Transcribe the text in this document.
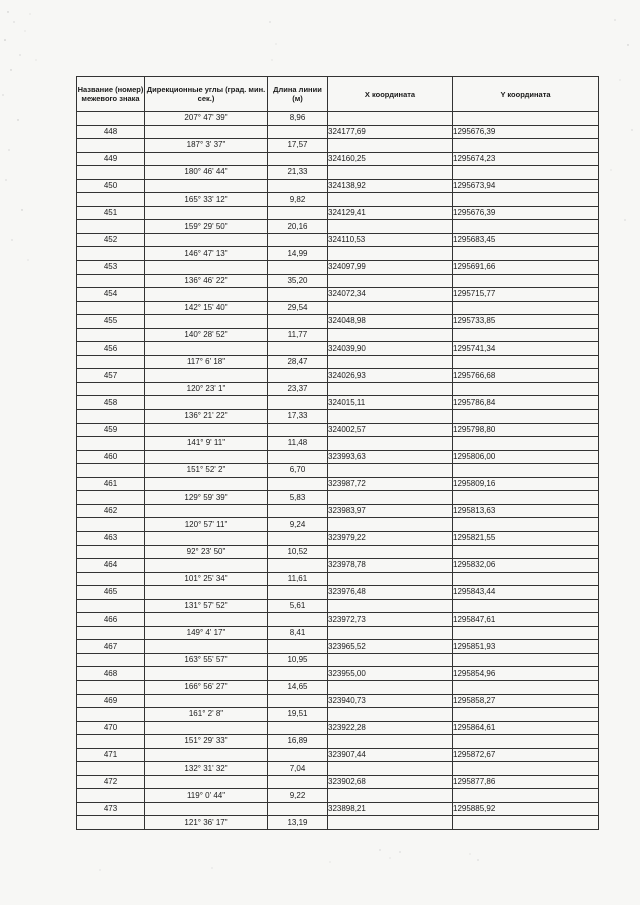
Название (номер) межевого знака	Дирекционные углы (град. мин. сек.)	Длина линии (м)	X координата	Y координата
	207° 47' 39"	8,96		
448			324177,69	1295676,39
	187° 3' 37"	17,57		
449			324160,25	1295674,23
	180° 46' 44"	21,33		
450			324138,92	1295673,94
	165° 33' 12"	9,82		
451			324129,41	1295676,39
	159° 29' 50"	20,16		
452			324110,53	1295683,45
	146° 47' 13"	14,99		
453			324097,99	1295691,66
	136° 46' 22"	35,20		
454			324072,34	1295715,77
	142° 15' 40"	29,54		
455			324048,98	1295733,85
	140° 28' 52"	11,77		
456			324039,90	1295741,34
	117° 6' 18"	28,47		
457			324026,93	1295766,68
	120° 23' 1"	23,37		
458			324015,11	1295786,84
	136° 21' 22"	17,33		
459			324002,57	1295798,80
	141° 9' 11"	11,48		
460			323993,63	1295806,00
	151° 52' 2"	6,70		
461			323987,72	1295809,16
	129° 59' 39"	5,83		
462			323983,97	1295813,63
	120° 57' 11"	9,24		
463			323979,22	1295821,55
	92° 23' 50"	10,52		
464			323978,78	1295832,06
	101° 25' 34"	11,61		
465			323976,48	1295843,44
	131° 57' 52"	5,61		
466			323972,73	1295847,61
	149° 4' 17"	8,41		
467			323965,52	1295851,93
	163° 55' 57"	10,95		
468			323955,00	1295854,96
	166° 56' 27"	14,65		
469			323940,73	1295858,27
	161° 2' 8"	19,51		
470			323922,28	1295864,61
	151° 29' 33"	16,89		
471			323907,44	1295872,67
	132° 31' 32"	7,04		
472			323902,68	1295877,86
	119° 0' 44"	9,22		
473			323898,21	1295885,92
	121° 36' 17"	13,19		
